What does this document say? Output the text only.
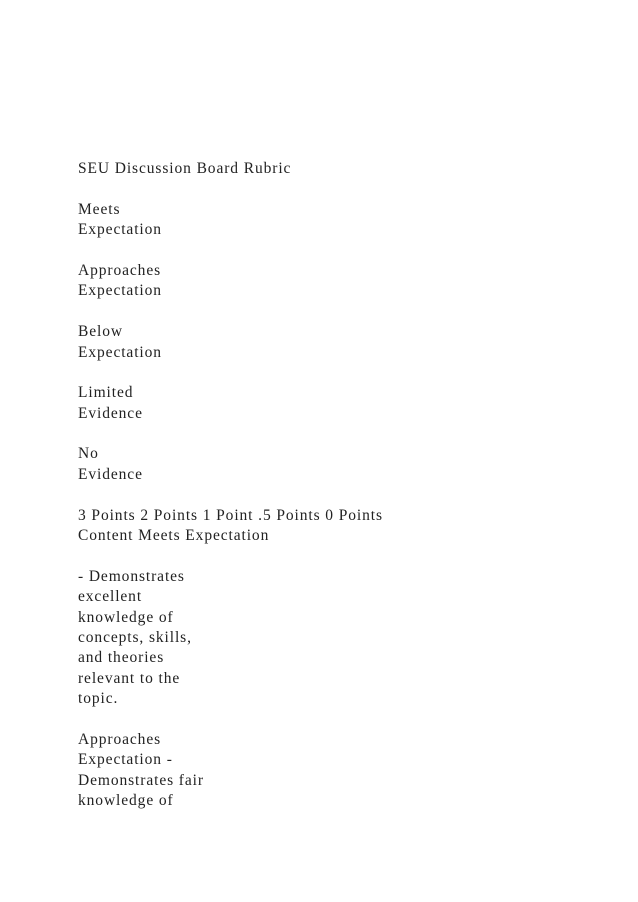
SEU Discussion Board Rubric
Meets
Expectation
Approaches
Expectation
Below
Expectation
Limited
Evidence
No
Evidence
3 Points 2 Points 1 Point .5 Points 0 Points
Content Meets Expectation
- Demonstrates
excellent
knowledge of
concepts, skills,
and theories
relevant to the
topic.
Approaches
Expectation -
Demonstrates fair
knowledge of
